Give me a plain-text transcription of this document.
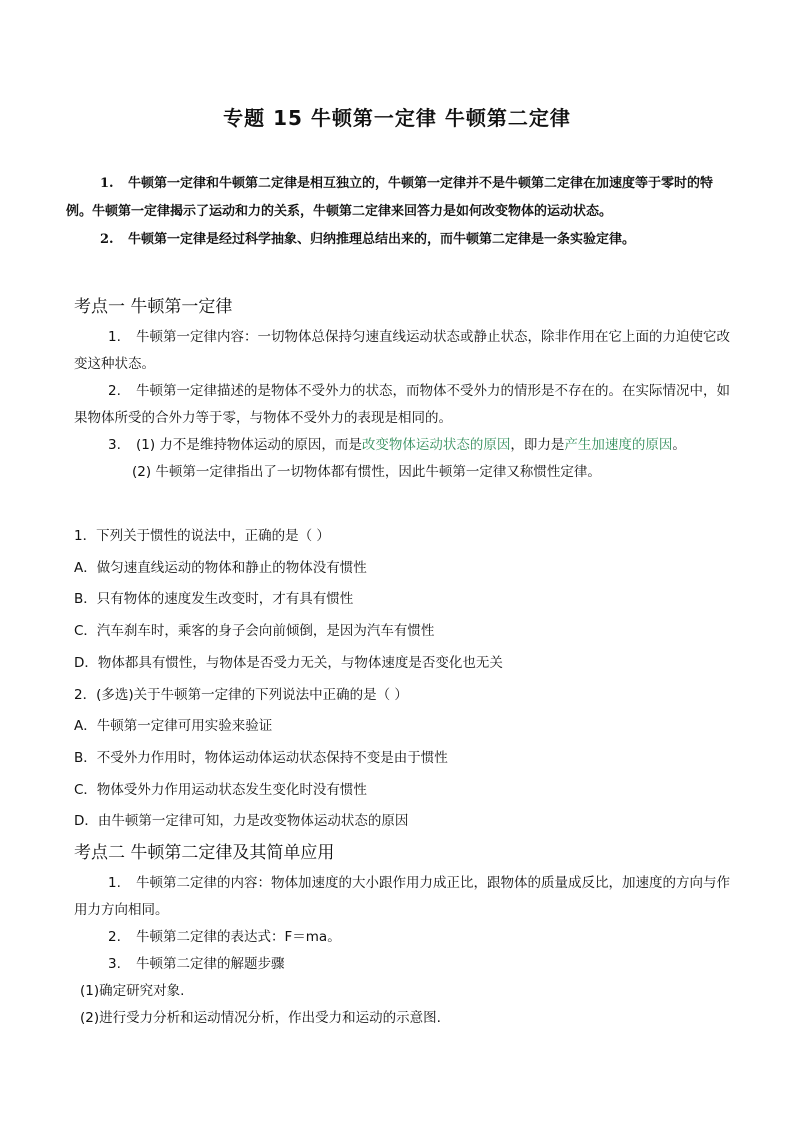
专题 15 牛顿第一定律 牛顿第二定律

1. 牛顿第一定律和牛顿第二定律是相互独立的，牛顿第一定律并不是牛顿第二定律在加速度等于零时的特例。牛顿第一定律揭示了运动和力的关系，牛顿第二定律来回答力是如何改变物体的运动状态。

2. 牛顿第一定律是经过科学抽象、归纳推理总结出来的，而牛顿第二定律是一条实验定律。

考点一 牛顿第一定律

1. 牛顿第一定律内容：一切物体总保持匀速直线运动状态或静止状态，除非作用在它上面的力迫使它改变这种状态。

2. 牛顿第一定律描述的是物体不受外力的状态，而物体不受外力的情形是不存在的。在实际情况中，如果物体所受的合外力等于零，与物体不受外力的表现是相同的。

3. (1) 力不是维持物体运动的原因，而是改变物体运动状态的原因，即力是产生加速度的原因。

(2) 牛顿第一定律指出了一切物体都有惯性，因此牛顿第一定律又称惯性定律。

1．下列关于惯性的说法中，正确的是（ ）

A．做匀速直线运动的物体和静止的物体没有惯性

B．只有物体的速度发生改变时，才有具有惯性

C．汽车刹车时，乘客的身子会向前倾倒，是因为汽车有惯性

D．物体都具有惯性，与物体是否受力无关，与物体速度是否变化也无关

2．(多选)关于牛顿第一定律的下列说法中正确的是（ ）

A．牛顿第一定律可用实验来验证

B．不受外力作用时，物体运动体运动状态保持不变是由于惯性

C．物体受外力作用运动状态发生变化时没有惯性

D．由牛顿第一定律可知，力是改变物体运动状态的原因

考点二 牛顿第二定律及其简单应用

1. 牛顿第二定律的内容：物体加速度的大小跟作用力成正比，跟物体的质量成反比，加速度的方向与作用力方向相同。

2. 牛顿第二定律的表达式：F＝ma。

3. 牛顿第二定律的解题步骤

(1)确定研究对象.

(2)进行受力分析和运动情况分析，作出受力和运动的示意图.
